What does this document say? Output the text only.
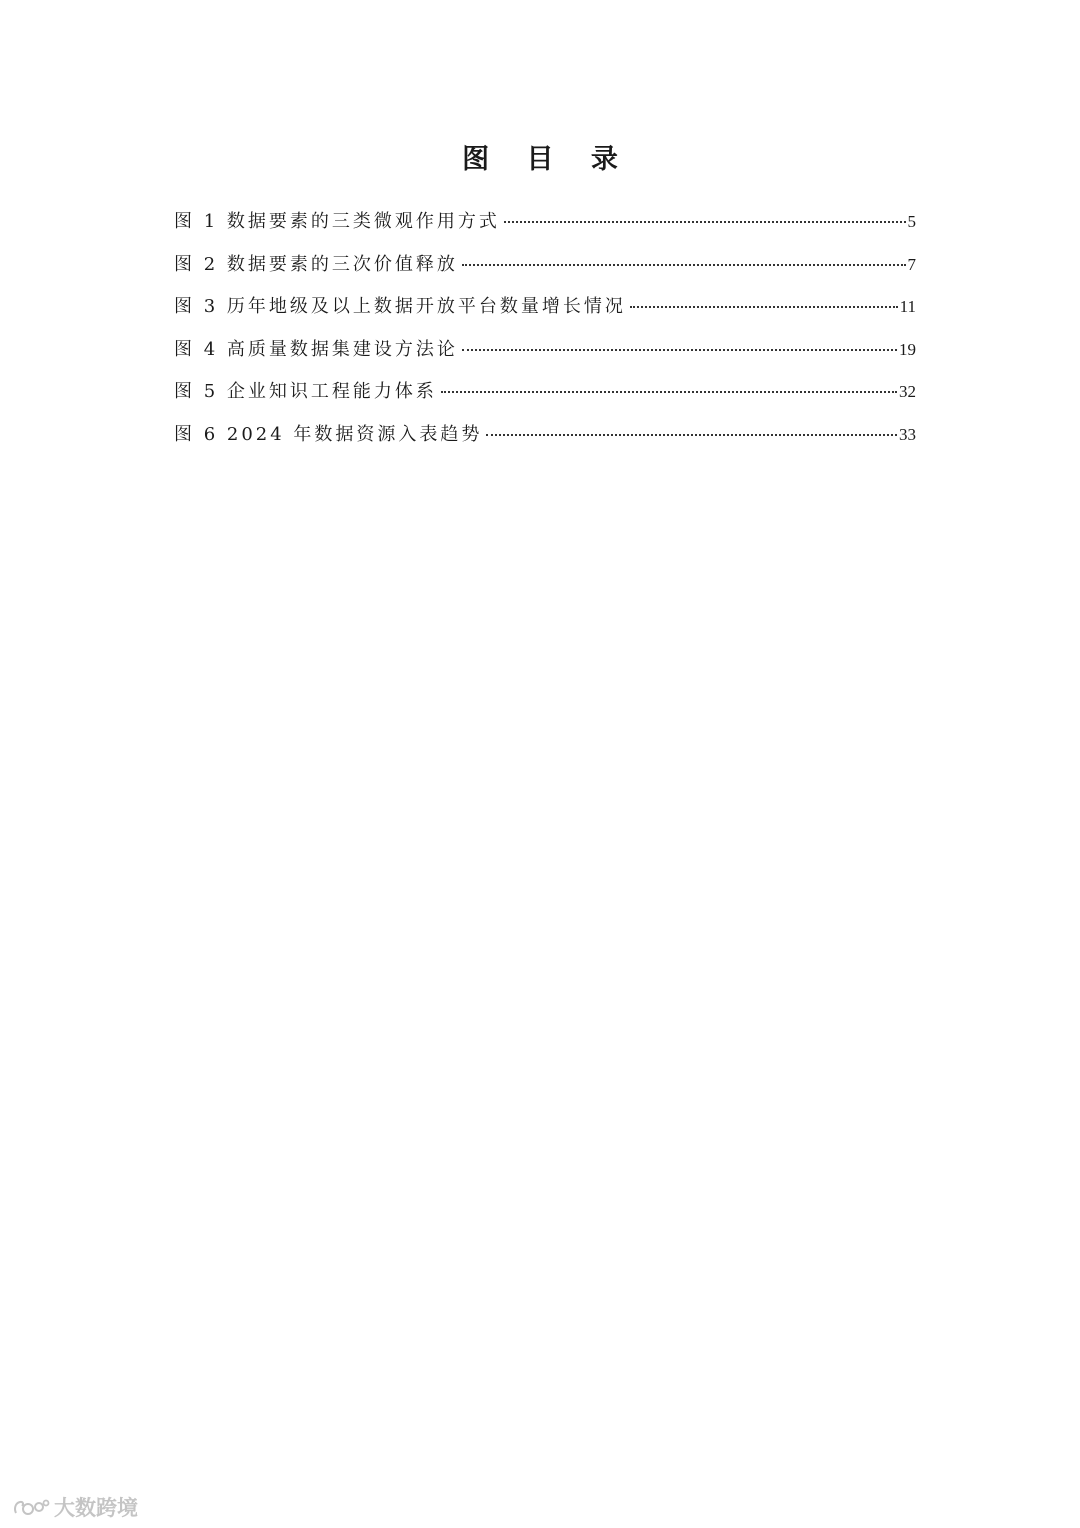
图 目 录
图 1 数据要素的三类微观作用方式	5
图 2 数据要素的三次价值释放	7
图 3 历年地级及以上数据开放平台数量增长情况	11
图 4 高质量数据集建设方法论	19
图 5 企业知识工程能力体系	32
图 6 2024 年数据资源入表趋势	33
大数跨境
